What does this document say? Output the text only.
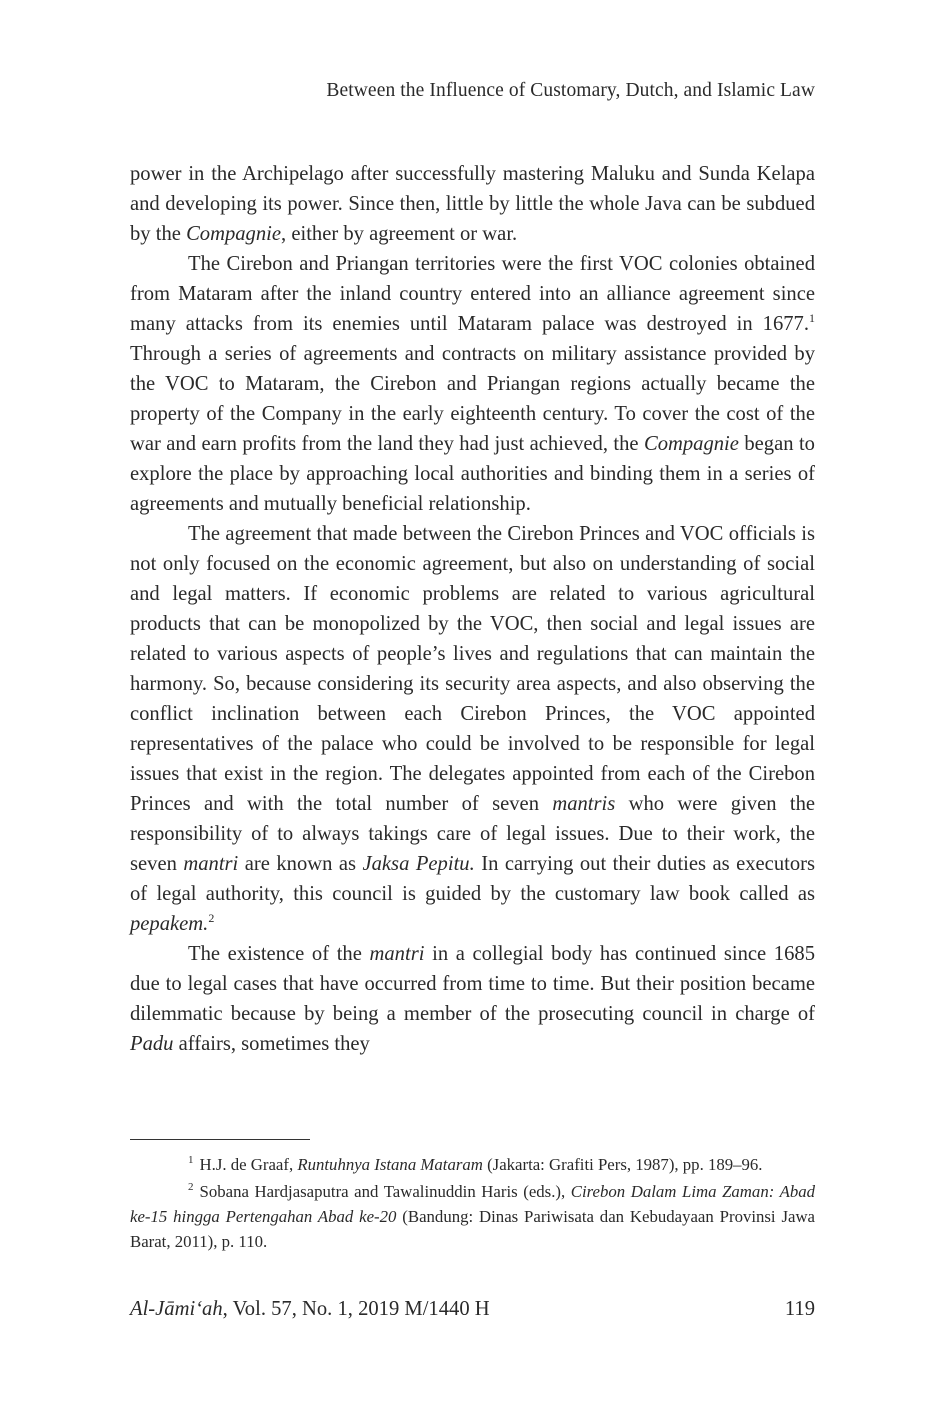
Between the Influence of Customary, Dutch, and Islamic Law

power in the Archipelago after successfully mastering Maluku and Sunda Kelapa and developing its power. Since then, little by little the whole Java can be subdued by the Compagnie, either by agreement or war.

The Cirebon and Priangan territories were the first VOC colonies obtained from Mataram after the inland country entered into an alliance agreement since many attacks from its enemies until Mataram palace was destroyed in 1677.$^1$ Through a series of agreements and contracts on military assistance provided by the VOC to Mataram, the Cirebon and Priangan regions actually became the property of the Company in the early eighteenth century. To cover the cost of the war and earn profits from the land they had just achieved, the Compagnie began to explore the place by approaching local authorities and binding them in a series of agreements and mutually beneficial relationship.

The agreement that made between the Cirebon Princes and VOC officials is not only focused on the economic agreement, but also on understanding of social and legal matters. If economic problems are related to various agricultural products that can be monopolized by the VOC, then social and legal issues are related to various aspects of people’s lives and regulations that can maintain the harmony. So, because considering its security area aspects, and also observing the conflict inclination between each Cirebon Princes, the VOC appointed representatives of the palace who could be involved to be responsible for legal issues that exist in the region. The delegates appointed from each of the Cirebon Princes and with the total number of seven mantris who were given the responsibility of to always takings care of legal issues. Due to their work, the seven mantri are known as Jaksa Pepitu. In carrying out their duties as executors of legal authority, this council is guided by the customary law book called as pepakem.$^2$

The existence of the mantri in a collegial body has continued since 1685 due to legal cases that have occurred from time to time. But their position became dilemmatic because by being a member of the prosecuting council in charge of Padu affairs, sometimes they

$^1$ H.J. de Graaf, Runtuhnya Istana Mataram (Jakarta: Grafiti Pers, 1987), pp. 189–96.

$^2$ Sobana Hardjasaputra and Tawalinuddin Haris (eds.), Cirebon Dalam Lima Zaman: Abad ke-15 hingga Pertengahan Abad ke-20 (Bandung: Dinas Pariwisata dan Kebudayaan Provinsi Jawa Barat, 2011), p. 110.

Al-Jāmi‘ah, Vol. 57, No. 1, 2019 M/1440 H	119
